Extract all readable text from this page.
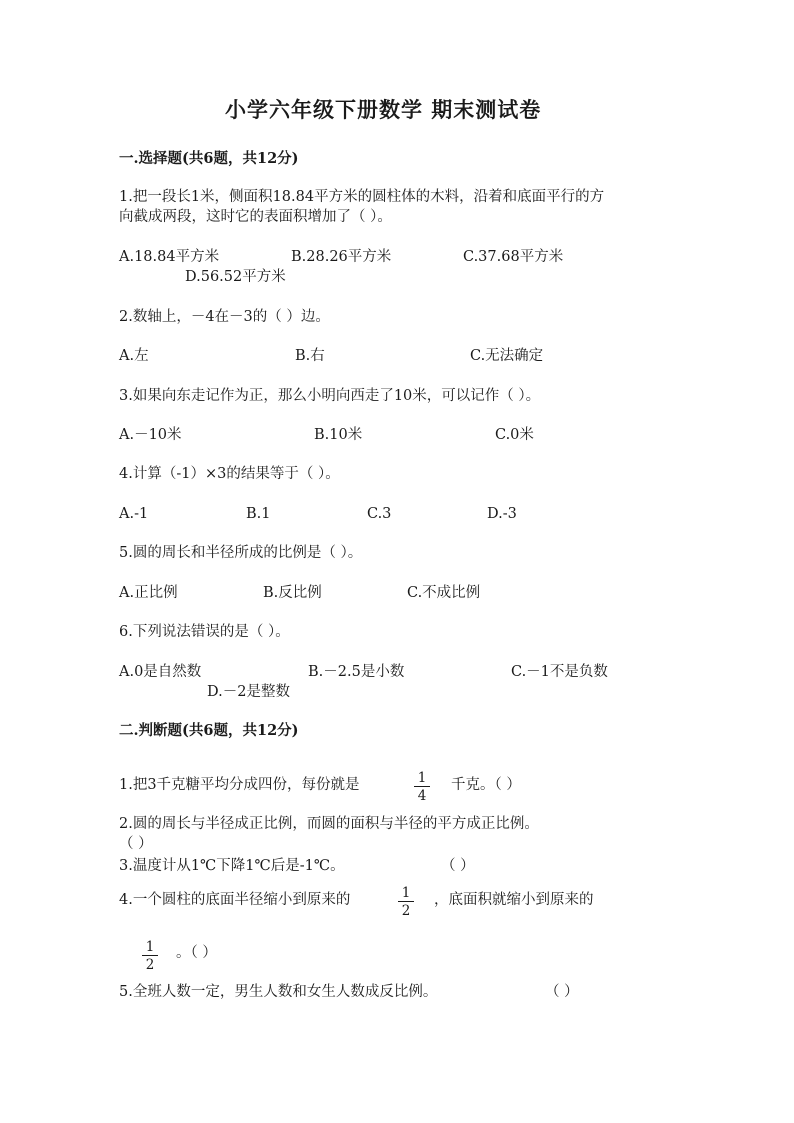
小学六年级下册数学 期末测试卷
一.选择题(共6题，共12分)
1.把一段长1米，侧面积18.84平方米的圆柱体的木料，沿着和底面平行的方
向截成两段，这时它的表面积增加了（ ）。
A.18.84平方米	B.28.26平方米	C.37.68平方米
D.56.52平方米
2.数轴上，－4在－3的（ ）边。
A.左	B.右	C.无法确定
3.如果向东走记作为正，那么小明向西走了10米，可以记作（ ）。
A.－10米	B.10米	C.0米
4.计算（-1）×3的结果等于（ ）。
A.-1	B.1	C.3	D.-3
5.圆的周长和半径所成的比例是（ ）。
A.正比例	B.反比例	C.不成比例
6.下列说法错误的是（ ）。
A.0是自然数	B.－2.5是小数	C.－1不是负数
D.－2是整数
二.判断题(共6题，共12分)
1.把3千克糖平均分成四份，每份就是	1
4
千克。（ ）
2.圆的周长与半径成正比例，而圆的面积与半径的平方成正比例。
（ ）
3.温度计从1℃下降1℃后是-1℃。	（ ）
4.一个圆柱的底面半径缩小到原来的	1
2
，底面积就缩小到原来的
1
2
。（ ）
5.全班人数一定，男生人数和女生人数成反比例。	（ ）
